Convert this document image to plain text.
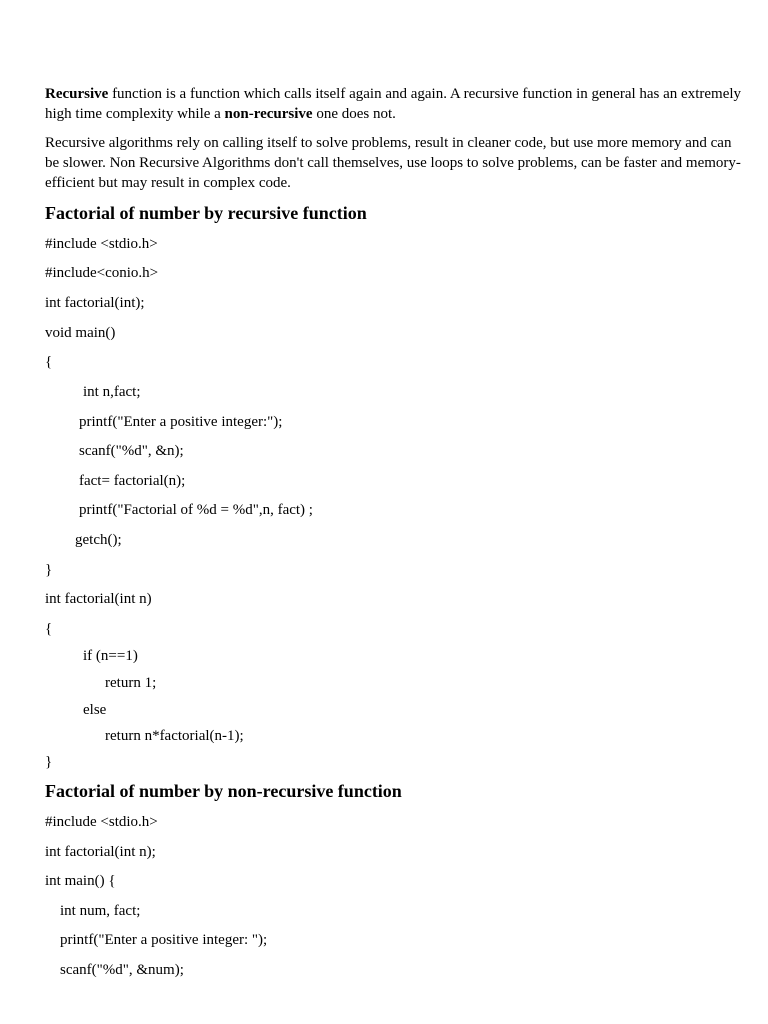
Recursive function is a function which calls itself again and again. A recursive function in general has an extremely high time complexity while a non-recursive one does not.

Recursive algorithms rely on calling itself to solve problems, result in cleaner code, but use more memory and can be slower. Non Recursive Algorithms don't call themselves, use loops to solve problems, can be faster and memory-efficient but may result in complex code.

Factorial of number by recursive function
#include <stdio.h>
#include<conio.h>
int factorial(int);
void main()
{
int n,fact;
printf("Enter a positive integer:");
scanf("%d", &n);
fact= factorial(n);
printf("Factorial of %d = %d",n, fact) ;
getch();
}
int factorial(int n)
{
if (n==1)
return 1;
else
return n*factorial(n-1);
}
Factorial of number by non-recursive function
#include <stdio.h>
int factorial(int n);
int main() {
int num, fact;
printf("Enter a positive integer: ");
scanf("%d", &num);
